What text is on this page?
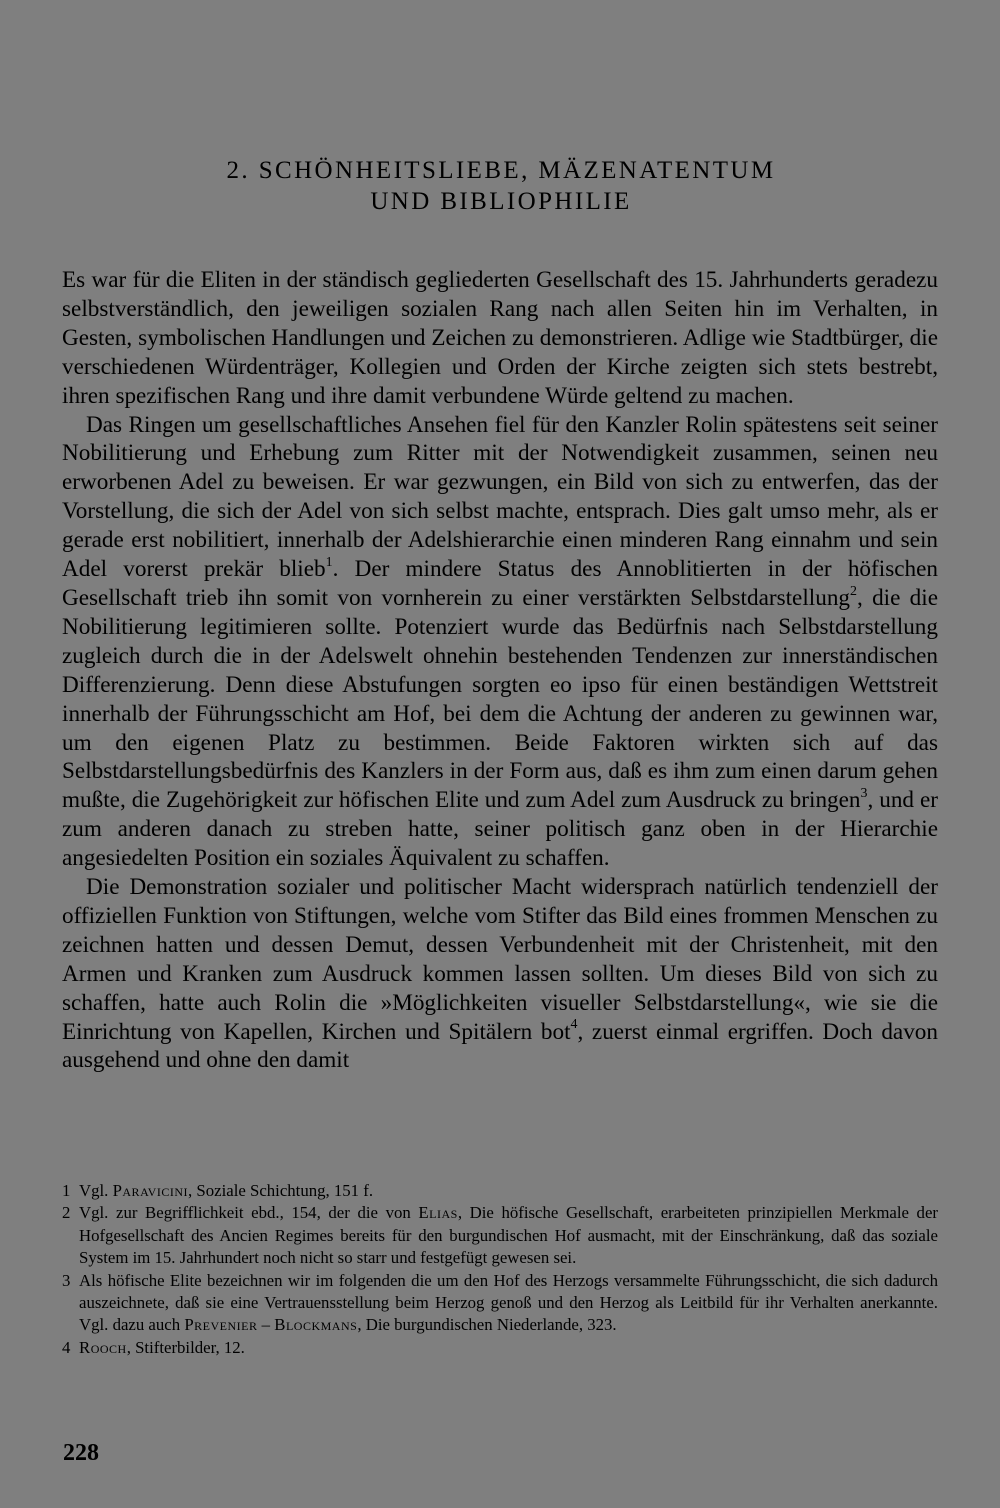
2. SCHÖNHEITSLIEBE, MÄZENATENTUM
UND BIBLIOPHILIE

Es war für die Eliten in der ständisch gegliederten Gesellschaft des 15. Jahrhunderts geradezu selbstverständlich, den jeweiligen sozialen Rang nach allen Seiten hin im Verhalten, in Gesten, symbolischen Handlungen und Zeichen zu demonstrieren. Adlige wie Stadtbürger, die verschiedenen Würdenträger, Kollegien und Orden der Kirche zeigten sich stets bestrebt, ihren spezifischen Rang und ihre damit verbundene Würde geltend zu machen.

Das Ringen um gesellschaftliches Ansehen fiel für den Kanzler Rolin spätestens seit seiner Nobilitierung und Erhebung zum Ritter mit der Notwendigkeit zusammen, seinen neu erworbenen Adel zu beweisen. Er war gezwungen, ein Bild von sich zu entwerfen, das der Vorstellung, die sich der Adel von sich selbst machte, entsprach. Dies galt umso mehr, als er gerade erst nobilitiert, innerhalb der Adelshierarchie einen minderen Rang einnahm und sein Adel vorerst prekär blieb$^1$. Der mindere Status des Annoblitierten in der höfischen Gesellschaft trieb ihn somit von vornherein zu einer verstärkten Selbstdarstellung$^2$, die die Nobilitierung legitimieren sollte. Potenziert wurde das Bedürfnis nach Selbstdarstellung zugleich durch die in der Adelswelt ohnehin bestehenden Tendenzen zur innerständischen Differenzierung. Denn diese Abstufungen sorgten eo ipso für einen beständigen Wettstreit innerhalb der Führungsschicht am Hof, bei dem die Achtung der anderen zu gewinnen war, um den eigenen Platz zu bestimmen. Beide Faktoren wirkten sich auf das Selbstdarstellungsbedürfnis des Kanzlers in der Form aus, daß es ihm zum einen darum gehen mußte, die Zugehörigkeit zur höfischen Elite und zum Adel zum Ausdruck zu bringen$^3$, und er zum anderen danach zu streben hatte, seiner politisch ganz oben in der Hierarchie angesiedelten Position ein soziales Äquivalent zu schaffen.

Die Demonstration sozialer und politischer Macht widersprach natürlich tendenziell der offiziellen Funktion von Stiftungen, welche vom Stifter das Bild eines frommen Menschen zu zeichnen hatten und dessen Demut, dessen Verbundenheit mit der Christenheit, mit den Armen und Kranken zum Ausdruck kommen lassen sollten. Um dieses Bild von sich zu schaffen, hatte auch Rolin die »Möglichkeiten visueller Selbstdarstellung«, wie sie die Einrichtung von Kapellen, Kirchen und Spitälern bot$^4$, zuerst einmal ergriffen. Doch davon ausgehend und ohne den damit

1 Vgl. Paravicini, Soziale Schichtung, 151 f.
2 Vgl. zur Begrifflichkeit ebd., 154, der die von Elias, Die höfische Gesellschaft, erarbeiteten prinzipiellen Merkmale der Hofgesellschaft des Ancien Regimes bereits für den burgundischen Hof ausmacht, mit der Einschränkung, daß das soziale System im 15. Jahrhundert noch nicht so starr und festgefügt gewesen sei.
3 Als höfische Elite bezeichnen wir im folgenden die um den Hof des Herzogs versammelte Führungsschicht, die sich dadurch auszeichnete, daß sie eine Vertrauensstellung beim Herzog genoß und den Herzog als Leitbild für ihr Verhalten anerkannte. Vgl. dazu auch Prevenier – Blockmans, Die burgundischen Niederlande, 323.
4 Rooch, Stifterbilder, 12.
228
